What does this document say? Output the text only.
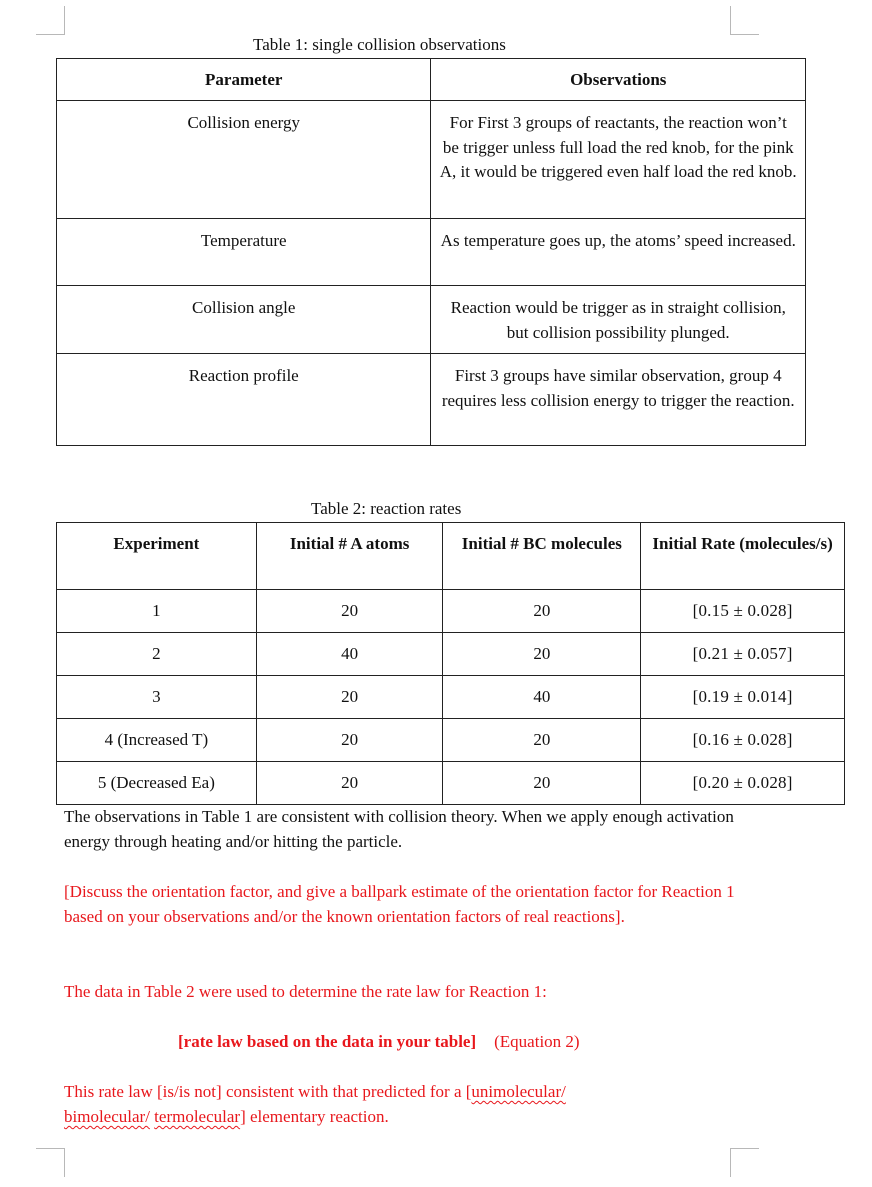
Table 1: single collision observations
Parameter	Observations
Collision energy	For First 3 groups of reactants, the reaction won’t be trigger unless full load the red knob, for the pink A, it would be triggered even half load the red knob.
Temperature	As temperature goes up, the atoms’ speed increased.
Collision angle	Reaction would be trigger as in straight collision, but collision possibility plunged.
Reaction profile	First 3 groups have similar observation, group 4 requires less collision energy to trigger the reaction.
Table 2: reaction rates
Experiment	Initial # A atoms	Initial # BC molecules	Initial Rate (molecules/s)
1	20	20	[0.15 ± 0.028]
2	40	20	[0.21 ± 0.057]
3	20	40	[0.19 ± 0.014]
4 (Increased T)	20	20	[0.16 ± 0.028]
5 (Decreased Ea)	20	20	[0.20 ± 0.028]

The observations in Table 1 are consistent with collision theory. When we apply enough activation energy through heating and/or hitting the particle.

[Discuss the orientation factor, and give a ballpark estimate of the orientation factor for Reaction 1 based on your observations and/or the known orientation factors of real reactions].

The data in Table 2 were used to determine the rate law for Reaction 1:

[rate law based on the data in your table] (Equation 2)

This rate law [is/is not] consistent with that predicted for a [unimolecular/
bimolecular/ termolecular] elementary reaction.
